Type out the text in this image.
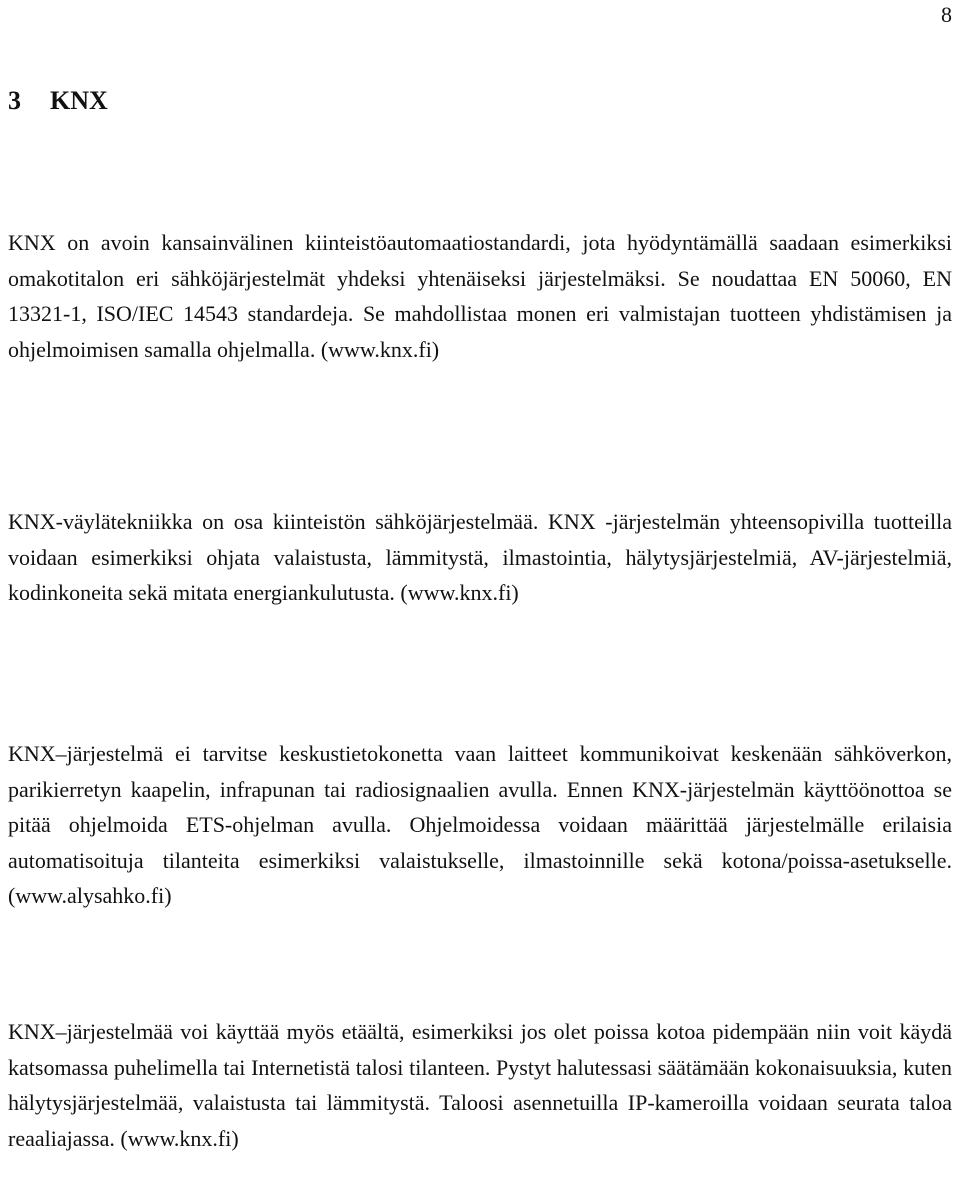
8
3 KNX

KNX on avoin kansainvälinen kiinteistöautomaatiostandardi, jota hyödyntämällä saadaan esimerkiksi omakotitalon eri sähköjärjestelmät yhdeksi yhtenäiseksi järjestelmäksi. Se noudattaa EN 50060, EN 13321-1, ISO/IEC 14543 standardeja. Se mahdollistaa monen eri valmistajan tuotteen yhdistämisen ja ohjelmoimisen samalla ohjelmalla. (www.knx.fi)

KNX-väylätekniikka on osa kiinteistön sähköjärjestelmää. KNX -järjestelmän yhteensopivilla tuotteilla voidaan esimerkiksi ohjata valaistusta, lämmitystä, ilmastointia, hälytysjärjestelmiä, AV-järjestelmiä, kodinkoneita sekä mitata energiankulutusta. (www.knx.fi)

KNX–järjestelmä ei tarvitse keskustietokonetta vaan laitteet kommunikoivat keskenään sähköverkon, parikierretyn kaapelin, infrapunan tai radiosignaalien avulla. Ennen KNX-järjestelmän käyttöönottoa se pitää ohjelmoida ETS-ohjelman avulla. Ohjelmoidessa voidaan määrittää järjestelmälle erilaisia automatisoituja tilanteita esimerkiksi valaistukselle, ilmastoinnille sekä kotona/poissa-asetukselle. (www.alysahko.fi)

KNX–järjestelmää voi käyttää myös etäältä, esimerkiksi jos olet poissa kotoa pidempään niin voit käydä katsomassa puhelimella tai Internetistä talosi tilanteen. Pystyt halutessasi säätämään kokonaisuuksia, kuten hälytysjärjestelmää, valaistusta tai lämmitystä. Taloosi asennetuilla IP-kameroilla voidaan seurata taloa reaaliajassa. (www.knx.fi)
